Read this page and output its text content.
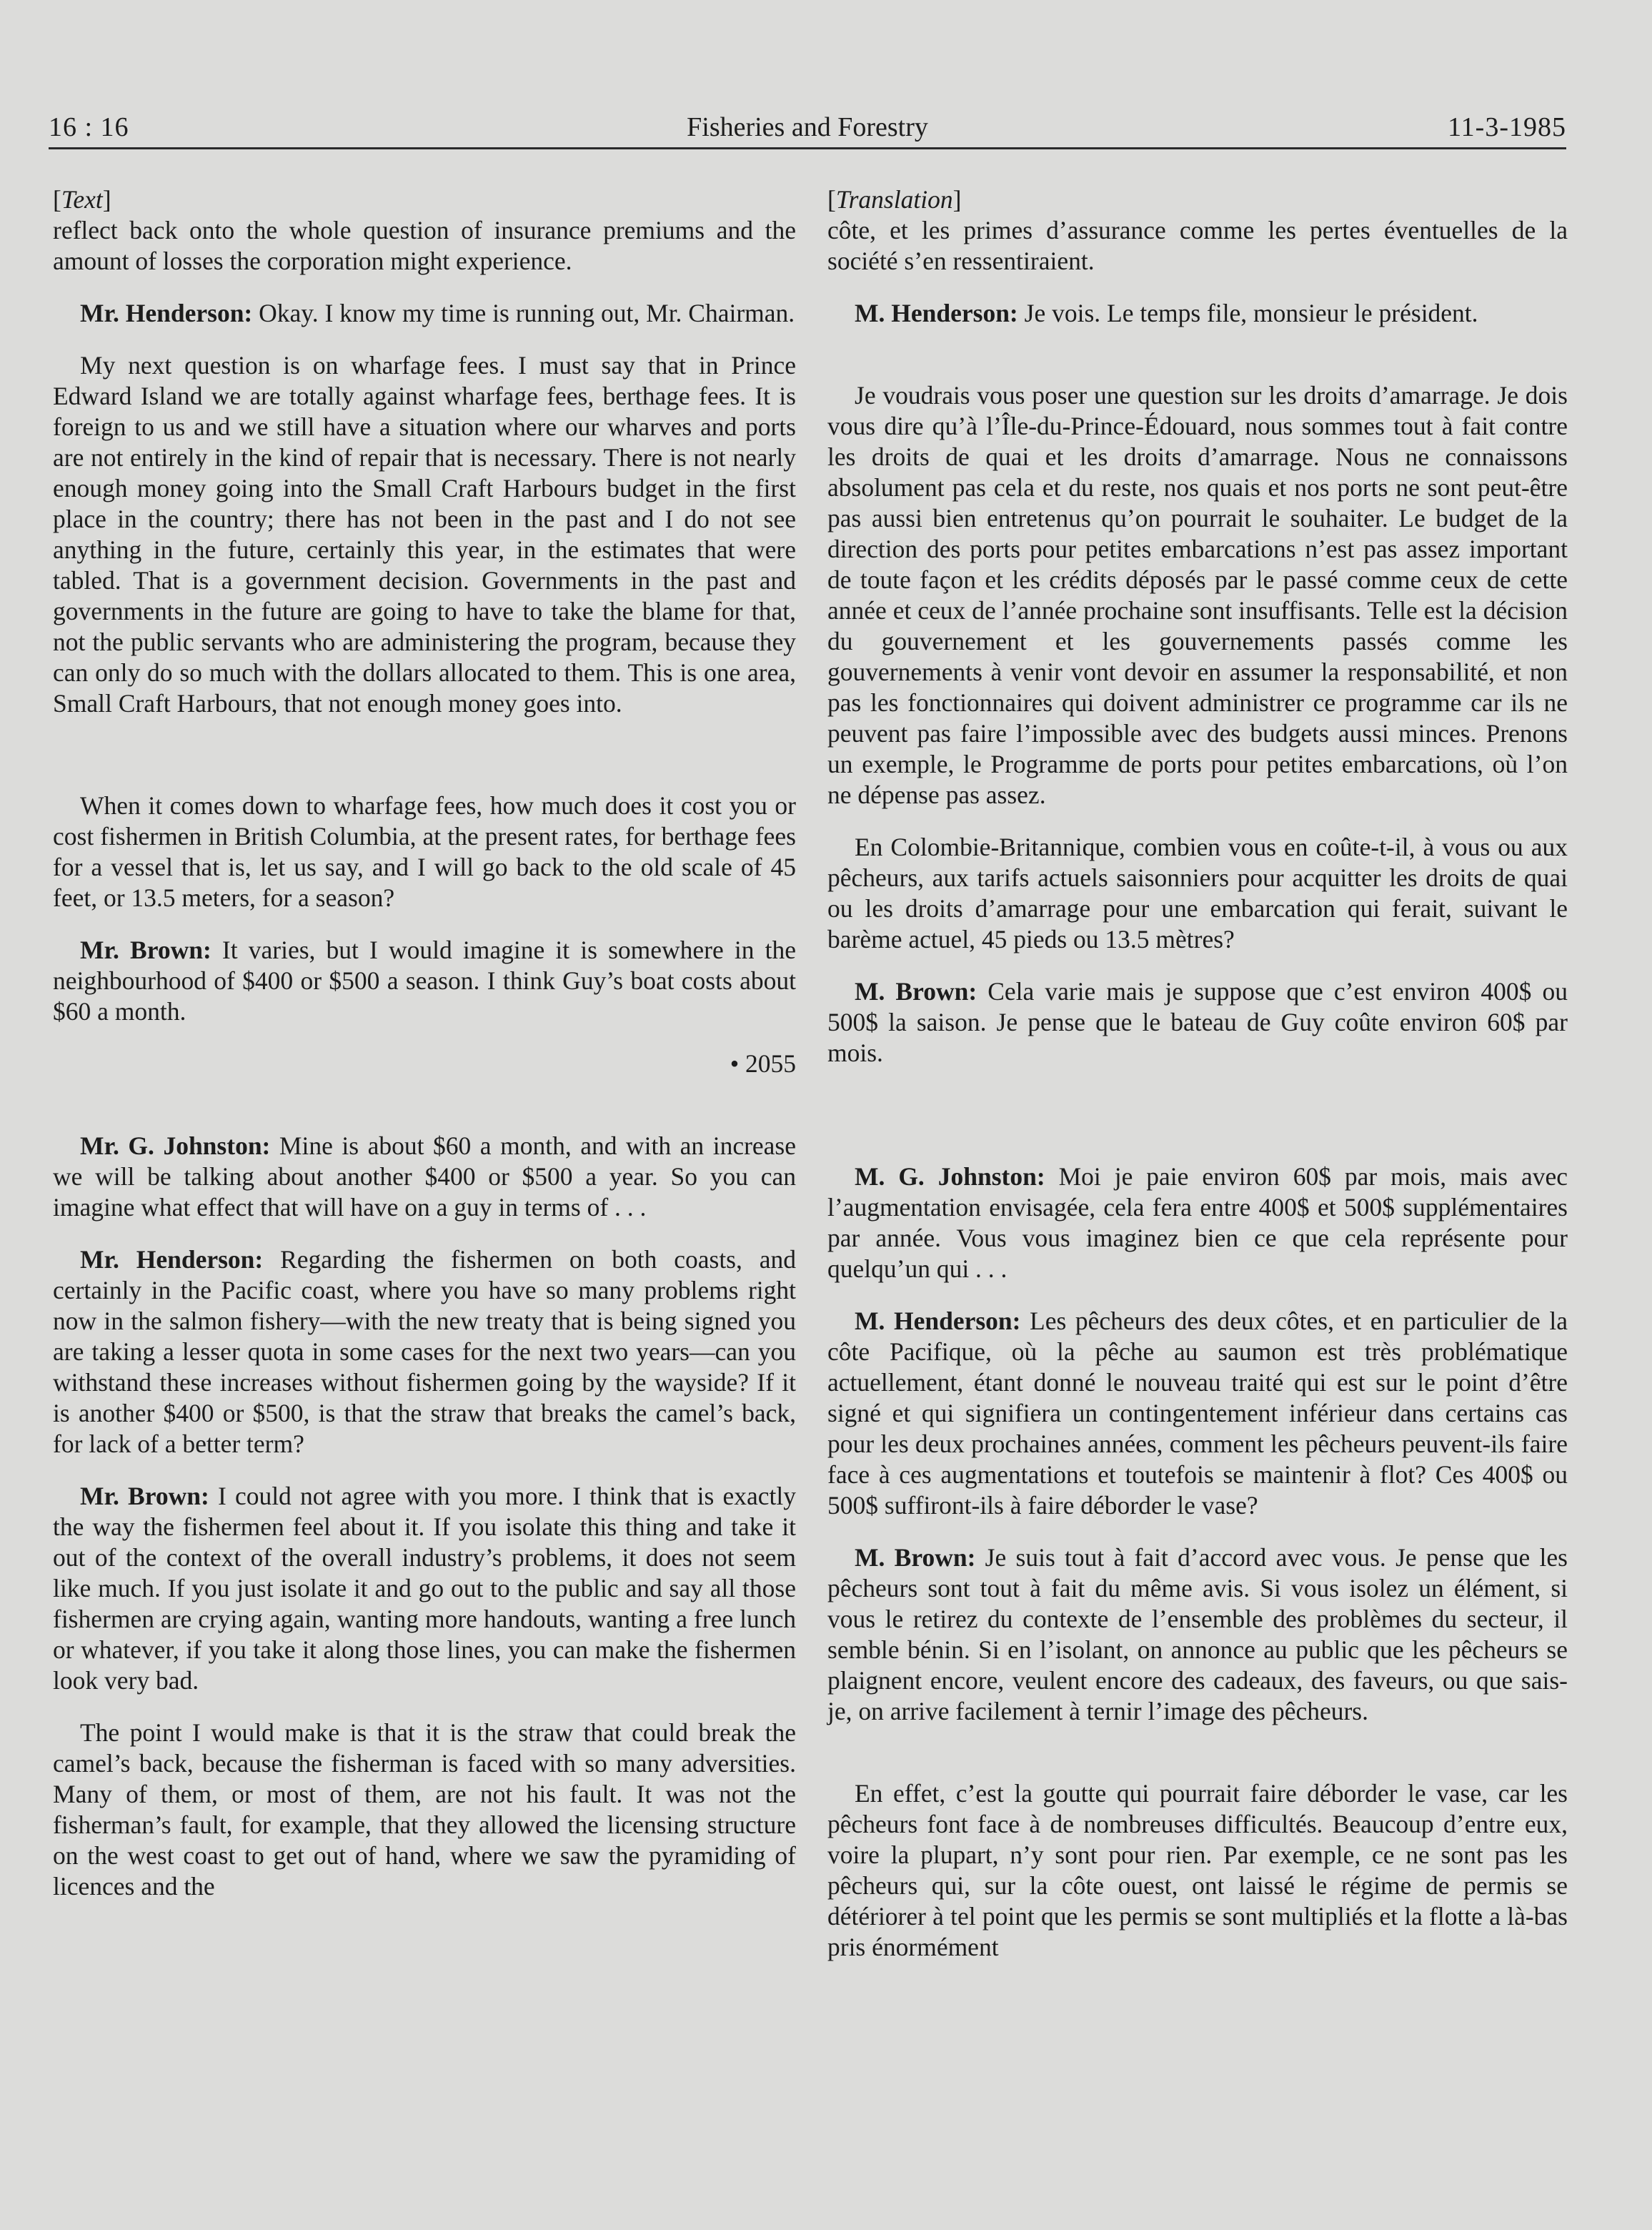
16 : 16	Fisheries and Forestry	11-3-1985
[Text]

reflect back onto the whole question of insurance premiums and the amount of losses the corporation might experience.

Mr. Henderson: Okay. I know my time is running out, Mr. Chairman.

My next question is on wharfage fees. I must say that in Prince Edward Island we are totally against wharfage fees, berthage fees. It is foreign to us and we still have a situation where our wharves and ports are not entirely in the kind of repair that is necessary. There is not nearly enough money going into the Small Craft Harbours budget in the first place in the country; there has not been in the past and I do not see anything in the future, certainly this year, in the estimates that were tabled. That is a government decision. Governments in the past and governments in the future are going to have to take the blame for that, not the public servants who are administering the program, because they can only do so much with the dollars allocated to them. This is one area, Small Craft Harbours, that not enough money goes into.

When it comes down to wharfage fees, how much does it cost you or cost fishermen in British Columbia, at the present rates, for berthage fees for a vessel that is, let us say, and I will go back to the old scale of 45 feet, or 13.5 meters, for a season?

Mr. Brown: It varies, but I would imagine it is somewhere in the neighbourhood of $400 or $500 a season. I think Guy’s boat costs about $60 a month.

• 2055

Mr. G. Johnston: Mine is about $60 a month, and with an increase we will be talking about another $400 or $500 a year. So you can imagine what effect that will have on a guy in terms of . . .

Mr. Henderson: Regarding the fishermen on both coasts, and certainly in the Pacific coast, where you have so many problems right now in the salmon fishery—with the new treaty that is being signed you are taking a lesser quota in some cases for the next two years—can you withstand these increases without fishermen going by the wayside? If it is another $400 or $500, is that the straw that breaks the camel’s back, for lack of a better term?

Mr. Brown: I could not agree with you more. I think that is exactly the way the fishermen feel about it. If you isolate this thing and take it out of the context of the overall industry’s problems, it does not seem like much. If you just isolate it and go out to the public and say all those fishermen are crying again, wanting more handouts, wanting a free lunch or whatever, if you take it along those lines, you can make the fishermen look very bad.

The point I would make is that it is the straw that could break the camel’s back, because the fisherman is faced with so many adversities. Many of them, or most of them, are not his fault. It was not the fisherman’s fault, for example, that they allowed the licensing structure on the west coast to get out of hand, where we saw the pyramiding of licences and the

[Translation]

côte, et les primes d’assurance comme les pertes éventuelles de la société s’en ressentiraient.

M. Henderson: Je vois. Le temps file, monsieur le président.

Je voudrais vous poser une question sur les droits d’amarrage. Je dois vous dire qu’à l’Île-du-Prince-Édouard, nous sommes tout à fait contre les droits de quai et les droits d’amarrage. Nous ne connaissons absolument pas cela et du reste, nos quais et nos ports ne sont peut-être pas aussi bien entretenus qu’on pourrait le souhaiter. Le budget de la direction des ports pour petites embarcations n’est pas assez important de toute façon et les crédits déposés par le passé comme ceux de cette année et ceux de l’année prochaine sont insuffisants. Telle est la décision du gouvernement et les gouvernements passés comme les gouvernements à venir vont devoir en assumer la responsabilité, et non pas les fonctionnaires qui doivent administrer ce programme car ils ne peuvent pas faire l’impossible avec des budgets aussi minces. Prenons un exemple, le Programme de ports pour petites embarcations, où l’on ne dépense pas assez.

En Colombie-Britannique, combien vous en coûte-t-il, à vous ou aux pêcheurs, aux tarifs actuels saisonniers pour acquitter les droits de quai ou les droits d’amarrage pour une embarcation qui ferait, suivant le barème actuel, 45 pieds ou 13.5 mètres?

M. Brown: Cela varie mais je suppose que c’est environ 400$ ou 500$ la saison. Je pense que le bateau de Guy coûte environ 60$ par mois.

M. G. Johnston: Moi je paie environ 60$ par mois, mais avec l’augmentation envisagée, cela fera entre 400$ et 500$ supplémentaires par année. Vous vous imaginez bien ce que cela représente pour quelqu’un qui . . .

M. Henderson: Les pêcheurs des deux côtes, et en particulier de la côte Pacifique, où la pêche au saumon est très problématique actuellement, étant donné le nouveau traité qui est sur le point d’être signé et qui signifiera un contingentement inférieur dans certains cas pour les deux prochaines années, comment les pêcheurs peuvent-ils faire face à ces augmentations et toutefois se maintenir à flot? Ces 400$ ou 500$ suffiront-ils à faire déborder le vase?

M. Brown: Je suis tout à fait d’accord avec vous. Je pense que les pêcheurs sont tout à fait du même avis. Si vous isolez un élément, si vous le retirez du contexte de l’ensemble des problèmes du secteur, il semble bénin. Si en l’isolant, on annonce au public que les pêcheurs se plaignent encore, veulent encore des cadeaux, des faveurs, ou que sais-je, on arrive facilement à ternir l’image des pêcheurs.

En effet, c’est la goutte qui pourrait faire déborder le vase, car les pêcheurs font face à de nombreuses difficultés. Beaucoup d’entre eux, voire la plupart, n’y sont pour rien. Par exemple, ce ne sont pas les pêcheurs qui, sur la côte ouest, ont laissé le régime de permis se détériorer à tel point que les permis se sont multipliés et la flotte a là-bas pris énormément
